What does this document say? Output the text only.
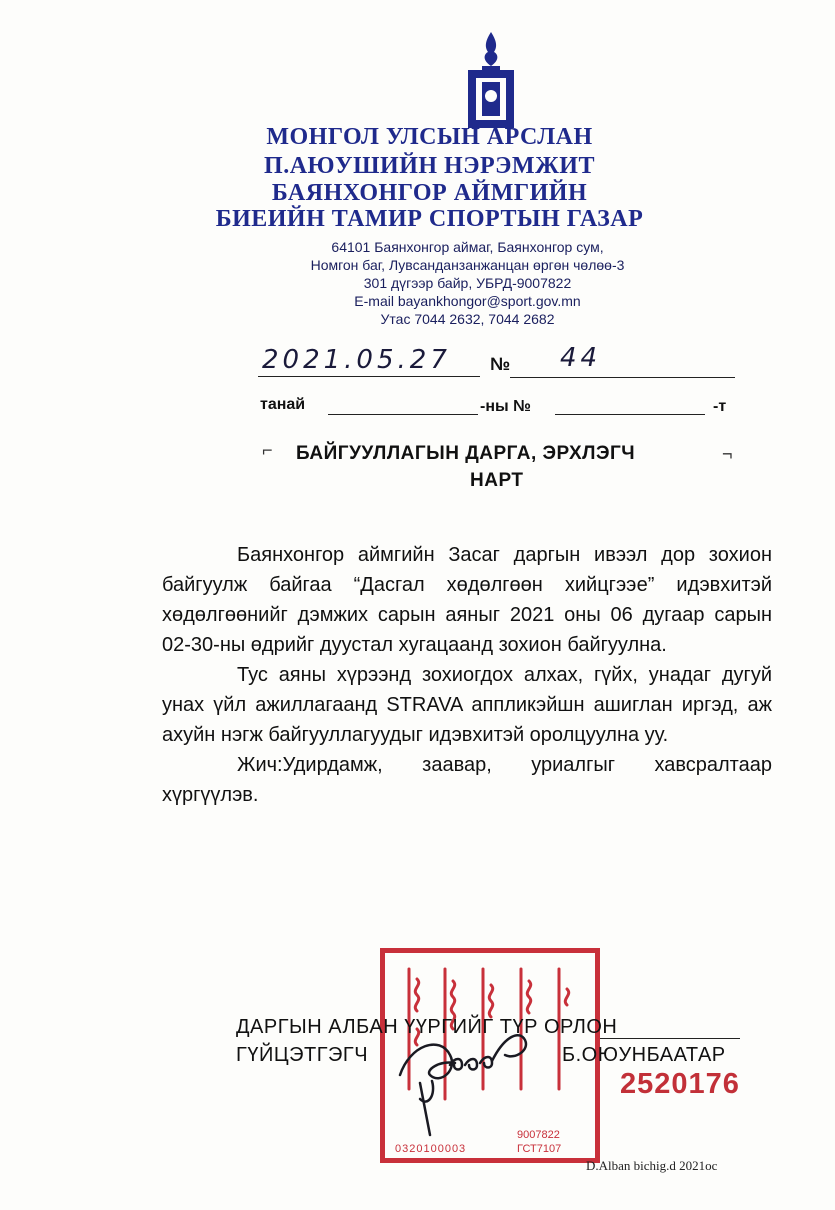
МОНГОЛ УЛСЫН АРСЛАН
П.АЮУШИЙН НЭРЭМЖИТ
БАЯНХОНГОР АЙМГИЙН
БИЕИЙН ТАМИР СПОРТЫН ГАЗАР
64101 Баянхонгор аймаг, Баянхонгор сум,
Номгон баг, Лувсанданзанжанцан өргөн чөлөө-3
301 дүгээр байр, УБРД-9007822
E-mail bayankhongor@sport.gov.mn
Утас 7044 2632, 7044 2682
2021.05.27 № 44
танай	-ны №	-т
⌐ БАЙГУУЛЛАГЫН ДАРГА, ЭРХЛЭГЧ	¬
НАРТ

Баянхонгор аймгийн Засаг даргын ивээл дор зохион байгуулж байгаа “Дасгал хөдөлгөөн хийцгээе” идэвхитэй хөдөлгөөнийг дэмжих сарын аяныг 2021 оны 06 дугаар сарын 02-30-ны өдрийг дуустал хугацаанд зохион байгуулна.

Тус аяны хүрээнд зохиогдох алхах, гүйх, унадаг дугуй унах үйл ажиллагаанд STRAVA аппликэйшн ашиглан иргэд, аж ахуйн нэгж байгууллагуудыг идэвхитэй оролцуулна уу.

Жич:Удирдамж, заавар, уриалгыг хавсралтаар хүргүүлэв.

0320100003
9007822
ГСТ7107
2520176
ДАРГЫН АЛБАН ҮҮРГИЙГ ТҮР ОРЛОН
ГҮЙЦЭТГЭГЧ	Б.ОЮУНБААТАР
D.Alban bichig.d 2021oc
